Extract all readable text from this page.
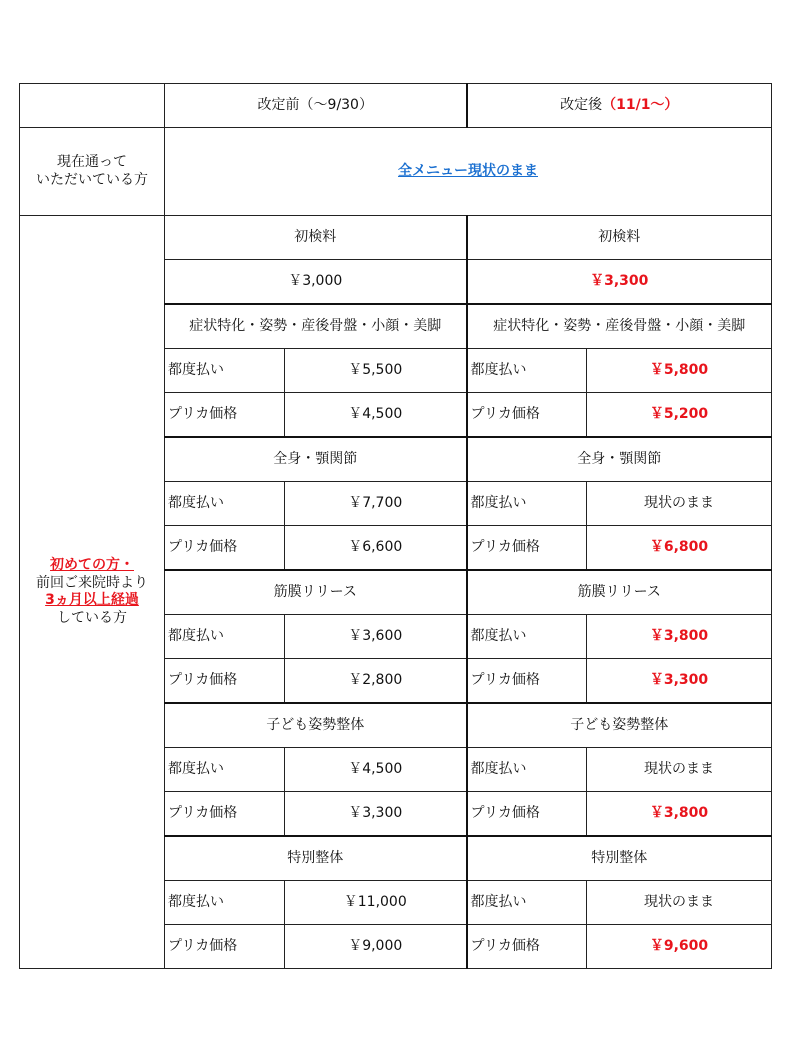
	改定前（～9/30）		改定後（11/1～）	
現在通って
いただいている方	全メニュー現状のまま			
初めての方・
前回ご来院時より
3ヵ月以上経過
している方	初検料		初検料	
	￥3,000		￥3,300	
	症状特化・姿勢・産後骨盤・小顔・美脚		症状特化・姿勢・産後骨盤・小顔・美脚	
	都度払い	￥5,500	都度払い	￥5,800
	プリカ価格	￥4,500	プリカ価格	￥5,200
	全身・顎関節		全身・顎関節	
	都度払い	￥7,700	都度払い	現状のまま
	プリカ価格	￥6,600	プリカ価格	￥6,800
	筋膜リリース		筋膜リリース	
	都度払い	￥3,600	都度払い	￥3,800
	プリカ価格	￥2,800	プリカ価格	￥3,300
	子ども姿勢整体		子ども姿勢整体	
	都度払い	￥4,500	都度払い	現状のまま
	プリカ価格	￥3,300	プリカ価格	￥3,800
	特別整体		特別整体	
	都度払い	￥11,000	都度払い	現状のまま
	プリカ価格	￥9,000	プリカ価格	￥9,600
